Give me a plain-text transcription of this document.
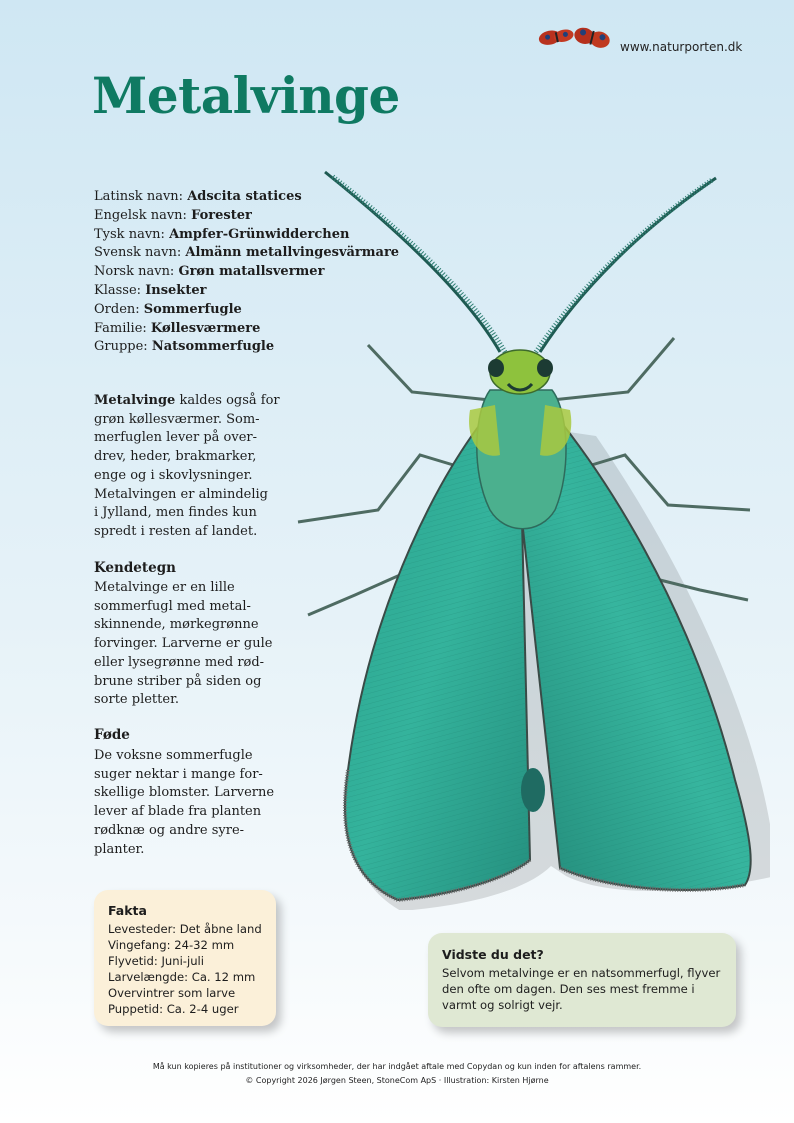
www.naturporten.dk
Metalvinge
Latinsk navn: Adscita statices
Engelsk navn: Forester
Tysk navn: Ampfer-Grünwidderchen
Svensk navn: Almänn metallvingesvärmare
Norsk navn: Grøn matallsvermer
Klasse: Insekter
Orden: Sommerfugle
Familie: Køllesværmere
Gruppe: Natsommerfugle
Metalvinge kaldes også for
grøn køllesværmer. Som-
merfuglen lever på over-
drev, heder, brakmarker,
enge og i skovlysninger.
Metalvingen er almindelig
i Jylland, men findes kun
spredt i resten af landet.
Kendetegn
Metalvinge er en lille
sommerfugl med metal-
skinnende, mørkegrønne
forvinger. Larverne er gule
eller lysegrønne med rød-
brune striber på siden og
sorte pletter.
Føde
De voksne sommerfugle
suger nektar i mange for-
skellige blomster. Larverne
lever af blade fra planten
rødknæ og andre syre-
planter.
Fakta
Levesteder: Det åbne land
Vingefang: 24-32 mm
Flyvetid: Juni-juli
Larvelængde: Ca. 12 mm
Overvintrer som larve
Puppetid: Ca. 2-4 uger
Vidste du det?

Selvom metalvinge er en natsommerfugl, flyver den ofte om dagen. Den ses mest fremme i varmt og solrigt vejr.

Må kun kopieres på institutioner og virksomheder, der har indgået aftale med Copydan og kun inden for aftalens rammer.
© Copyright 2026 Jørgen Steen, StoneCom ApS · Illustration: Kirsten Hjørne
